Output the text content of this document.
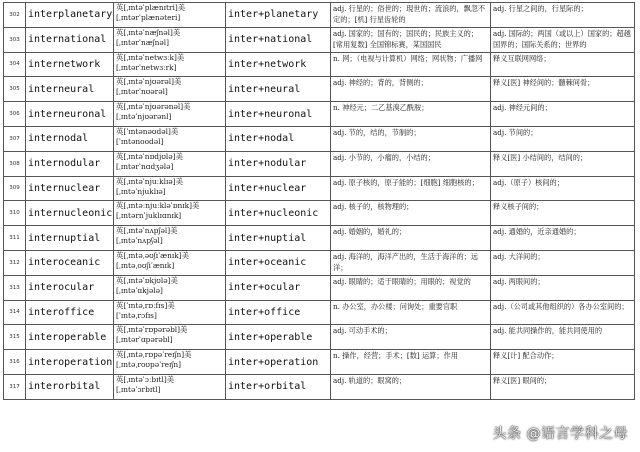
302	interplanetary	英[ˌɪntəˈplænɪtri]美
[ˌɪntərˈplænəteri]	inter+planetary	adj. 行星的；俗世的；現世的；流浪的，飘忽不定的；[机] 行星齿轮的	adj. 行星之间的，行星际的；
303	international	英[ˌɪntəˈnæʃnəl]美
[ˌɪntərˈnæʃnəl]	inter+national	adj. 国家的；国有的；国民的；民族主义的；[常用复数] 全国锦标赛，某国国民	adj. 国际的；两国（或以上）国家的；超越国界的；国际关系的；世界的
304	internetwork	英[ˌɪntəˈnetwɜːk]美
[ˌɪntərˈnetwɜːrk]	inter+network	n. 网；（电视与计算机）网络；网状物；广播网	释义互联网网络；
305	interneural	英[ˌɪntəˈnjʊərəl]美
[ˌɪntərˈnʊərəl]	inter+neural	adj. 神经的；背的，背侧的；	释义[医] 神经间的；髓棘间骨；
306	interneuronal	英[ˌɪntəˈnjʊərənəl]美
[ˌɪntəˈnjʊərənl]	inter+neuronal	n. 神经元；二乙基溴乙酰胺；	adj. 神经元间的；
307	internodal	英[ˈɪntənəʊdəl]美
[ˈɪntənoodəl]	inter+nodal	adj. 节的，结的，节制的；	adj. 节间的；
308	internodular	英[ˌɪntəˈnɒdjʊlə]美
[ˌɪntərˈnɑdʒələ]	inter+nodular	adj. 小节的，小瘤的，小结的；	释义[医] 小结间的，结间的；
309	internuclear	英[ˌɪntəˈnjuːklɪə]美
[ˌɪntəˈnjuklɪə]	inter+nuclear	adj. 原子核的，原子能的；[细胞] 细胞核的；	adj.（原子）核间的；
310	internucleonic	英[ˌɪntəːnjuːkləˈɒnɪk]美
[ˌɪntərnˈjuklɪɑnɪk]	inter+nucleonic	adj. 核子的，核物理的；	释义核子间的；
311	internuptial	英[ˌɪntəˈnʌpʃəl]美
[ˌɪntəˈnʌpʃəl]	inter+nuptial	adj. 婚姻的，婚礼的；	adj. 通婚的，近亲通婚的；
312	interoceanic	英[ˌɪntəˌəʊʃɪˈænɪk]美
[ˌɪntəˌoʊʃiˈænɪk]	inter+oceanic	adj. 海洋的，海洋产出的，生活于海洋的；远洋；	adj. 大洋间的；
313	interocular	英[ˌɪntəˈɒkjʊlə]美
[ˌɪntəˈɑkjələ]	inter+ocular	adj. 眼睛的；适于眼睛的；用眼的；视觉的	adj. 两眼间的；
314	interoffice	英[ˈɪntəˌrɒːfɪs]美
[ˈɪntəˌrɔfɪs]	inter+office	n. 办公室，办公楼；问询处；重要官职	adj.（公司或其他组织的）各办公室间的；
315	interoperable	英[ˌɪntəˈrɒpərəbl]美
[ˌɪntərˈɑpərəbl]	inter+operable	adj. 可动手术的；	adj. 能共同操作的，能共同使用的
316	interoperation	英[ˌɪntəˌrɒpəˈreɪʃn]美
[ˌɪntəˌroʊpəˈreɪʃn]	inter+operation	n. 操作，经营；手术；[数] 运算；作用	释义[计] 配合动作；
317	interorbital	英[ˌɪntəˈɔːbɪtl]美
[ˌɪntəˈɔrbɪtl]	inter+orbital	adj. 轨道的；眼窝的；	释义[医] 眼间的；
头条 @语言学科之母
